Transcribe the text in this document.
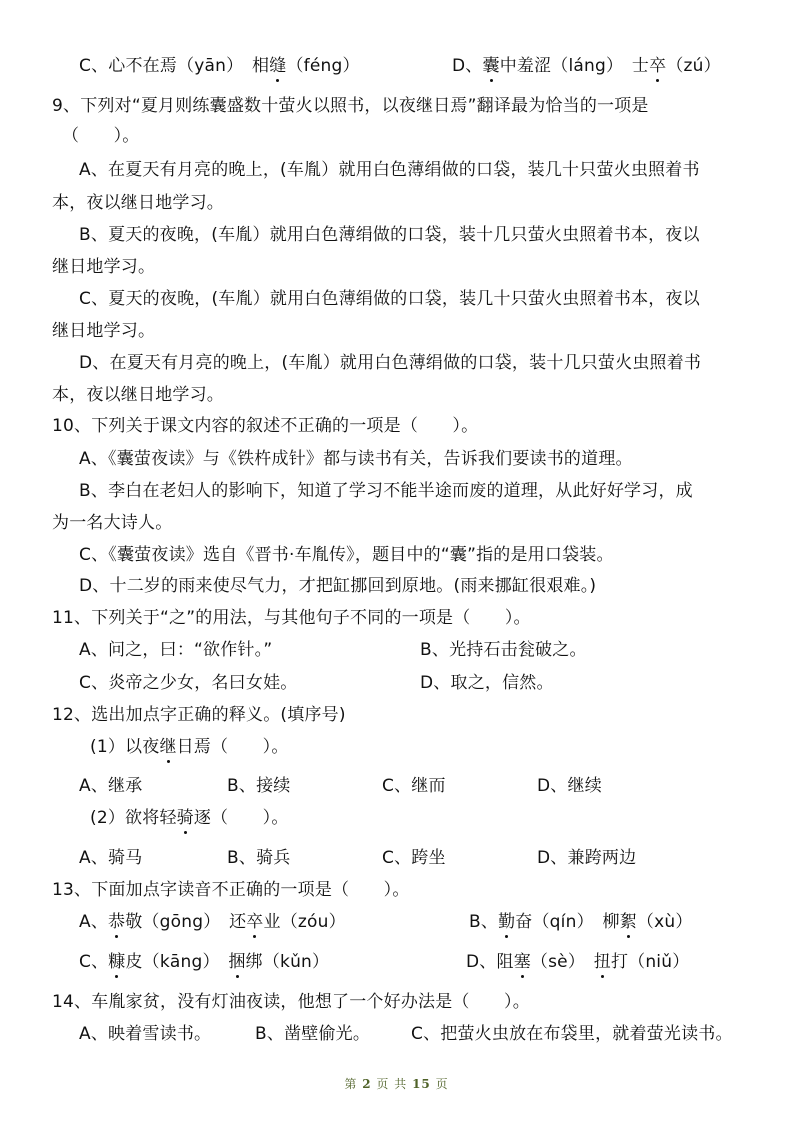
C、心不在焉（yān）　相缝（féng）	D、囊中羞涩（láng）　士卒（zú）
9、下列对“夏月则练囊盛数十萤火以照书，以夜继日焉”翻译最为恰当的一项是
（　　）。
A、在夏天有月亮的晚上，(车胤）就用白色薄绢做的口袋，装几十只萤火虫照着书
本，夜以继日地学习。
B、夏天的夜晚，(车胤）就用白色薄绢做的口袋，装十几只萤火虫照着书本，夜以
继日地学习。
C、夏天的夜晚，(车胤）就用白色薄绢做的口袋，装几十只萤火虫照着书本，夜以
继日地学习。
D、在夏天有月亮的晚上，(车胤）就用白色薄绢做的口袋，装十几只萤火虫照着书
本，夜以继日地学习。
10、下列关于课文内容的叙述不正确的一项是（　　）。
A、《囊萤夜读》与《铁杵成针》都与读书有关，告诉我们要读书的道理。
B、李白在老妇人的影响下，知道了学习不能半途而废的道理，从此好好学习，成
为一名大诗人。
C、《囊萤夜读》选自《晋书·车胤传》，题目中的“囊”指的是用口袋装。
D、十二岁的雨来使尽气力，才把缸挪回到原地。(雨来挪缸很艰难。)
11、下列关于“之”的用法，与其他句子不同的一项是（　　）。
A、问之，曰：“欲作针。”	B、光持石击瓮破之。
C、炎帝之少女，名曰女娃。	D、取之，信然。
12、选出加点字正确的释义。(填序号)
(1）以夜继日焉（　　）。
A、继承	B、接续	C、继而	D、继续
(2）欲将轻骑逐（　　）。
A、骑马	B、骑兵	C、跨坐	D、兼跨两边
13、下面加点字读音不正确的一项是（　　）。
A、恭敬（gōng）　还卒业（zóu）	B、勤奋（qín）　柳絮（xù）
C、糠皮（kāng）　捆绑（kǔn）	D、阻塞（sè）　扭打（niǔ）
14、车胤家贫，没有灯油夜读，他想了一个好办法是（　　）。
A、映着雪读书。	B、凿壁偷光。 C、把萤火虫放在布袋里，就着萤光读书。
第 2 页 共 15 页
